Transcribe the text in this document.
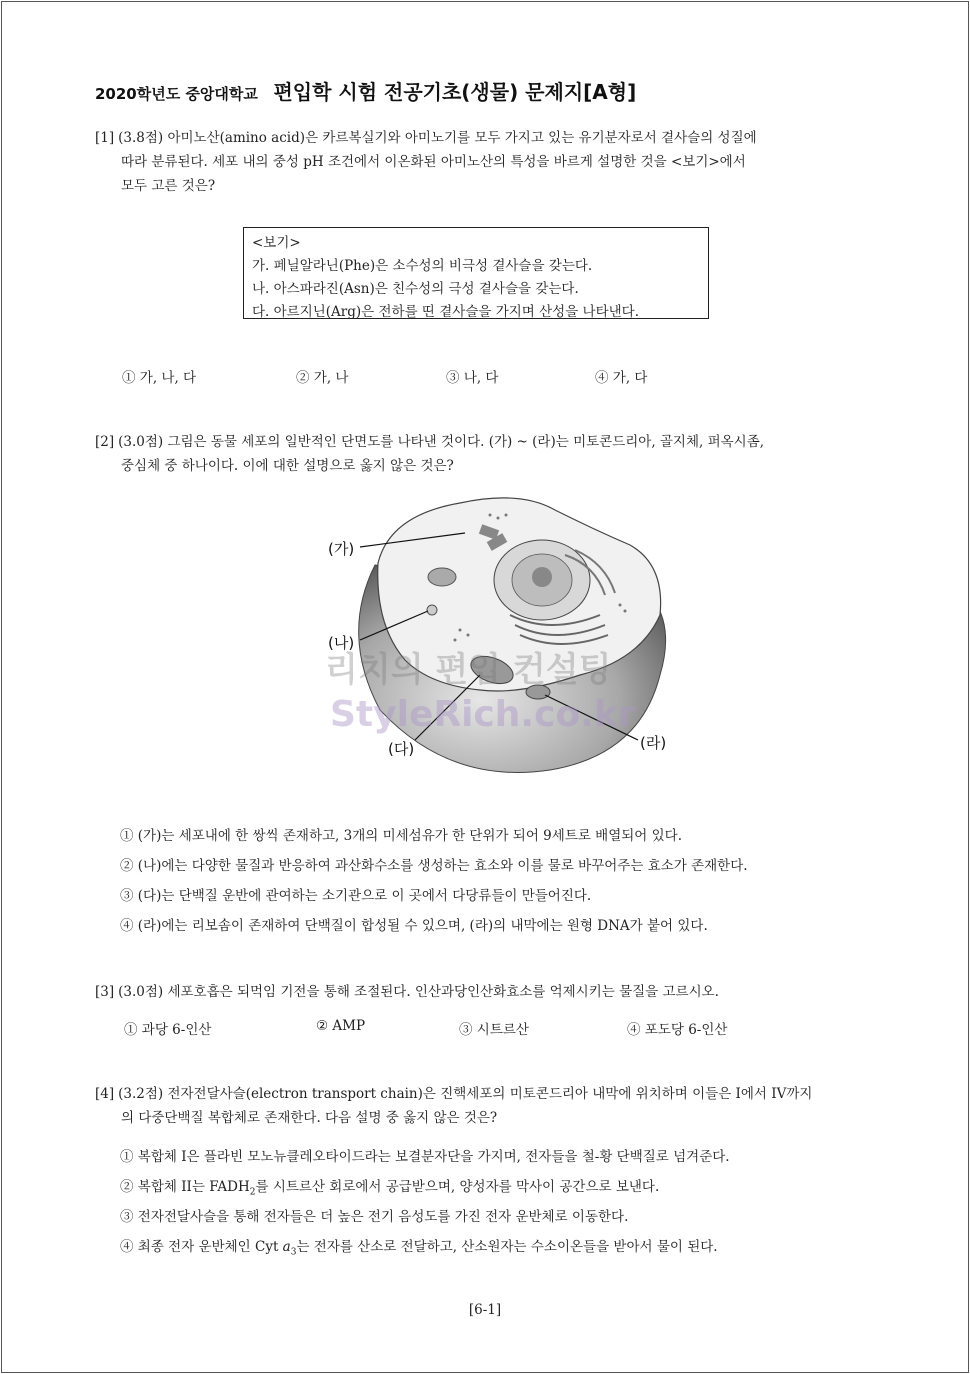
2020학년도 중앙대학교 편입학 시험 전공기초(생물) 문제지[A형]
[1] (3.8점) 아미노산(amino acid)은 카르복실기와 아미노기를 모두 가지고 있는 유기분자로서 곁사슬의 성질에
따라 분류된다. 세포 내의 중성 pH 조건에서 이온화된 아미노산의 특성을 바르게 설명한 것을 <보기>에서
모두 고른 것은?
<보기>
가. 페닐알라닌(Phe)은 소수성의 비극성 곁사슬을 갖는다.
나. 아스파라진(Asn)은 친수성의 극성 곁사슬을 갖는다.
다. 아르지닌(Arg)은 전하를 띤 곁사슬을 가지며 산성을 나타낸다.
① 가, 나, 다	② 가, 나	③ 나, 다	④ 가, 다
[2] (3.0점) 그림은 동물 세포의 일반적인 단면도를 나타낸 것이다. (가) ~ (라)는 미토콘드리아, 골지체, 퍼옥시좀,
중심체 중 하나이다. 이에 대한 설명으로 옳지 않은 것은?
(가)
(나)
(다)	(라)
리치의 편입 컨설팅
StyleRich.co.kr
① (가)는 세포내에 한 쌍씩 존재하고, 3개의 미세섬유가 한 단위가 되어 9세트로 배열되어 있다.
② (나)에는 다양한 물질과 반응하여 과산화수소를 생성하는 효소와 이를 물로 바꾸어주는 효소가 존재한다.
③ (다)는 단백질 운반에 관여하는 소기관으로 이 곳에서 다당류들이 만들어진다.
④ (라)에는 리보솜이 존재하여 단백질이 합성될 수 있으며, (라)의 내막에는 원형 DNA가 붙어 있다.
[3] (3.0점) 세포호흡은 되먹임 기전을 통해 조절된다. 인산과당인산화효소를 억제시키는 물질을 고르시오.
① 과당 6-인산	② AMP	③ 시트르산	④ 포도당 6-인산
[4] (3.2점) 전자전달사슬(electron transport chain)은 진핵세포의 미토콘드리아 내막에 위치하며 이들은 I에서 IV까지
의 다중단백질 복합체로 존재한다. 다음 설명 중 옳지 않은 것은?
① 복합체 I은 플라빈 모노뉴클레오타이드라는 보결분자단을 가지며, 전자들을 철-황 단백질로 넘겨준다.
② 복합체 II는 $FADH_2$를 시트르산 회로에서 공급받으며, 양성자를 막사이 공간으로 보낸다.
③ 전자전달사슬을 통해 전자들은 더 높은 전기 음성도를 가진 전자 운반체로 이동한다.
④ 최종 전자 운반체인 Cyt $a_3$는 전자를 산소로 전달하고, 산소원자는 수소이온들을 받아서 물이 된다.
[6-1]
